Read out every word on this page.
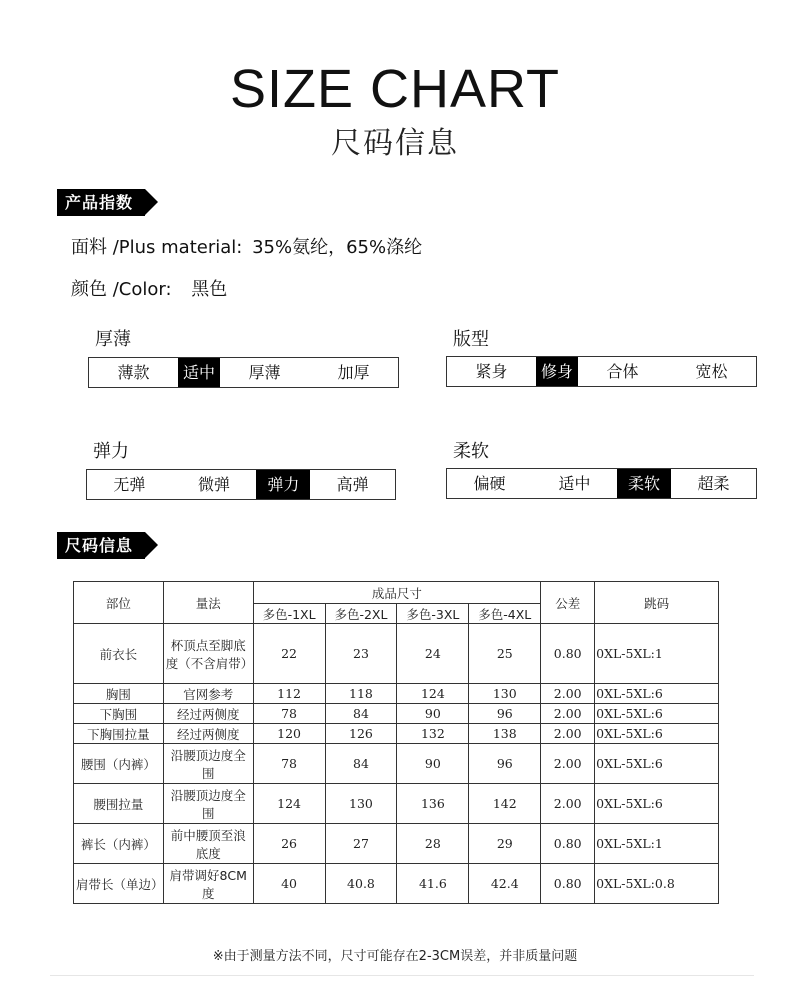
SIZE CHART
尺码信息
产品指数
面料 /Plus material: 35%氨纶，65%涤纶
颜色 /Color: 黑色
厚薄
薄款	适中	厚薄	加厚
版型
紧身	修身	合体	宽松
弹力
无弹	微弹	弹力	高弹
柔软
偏硬	适中	柔软	超柔
尺码信息
部位	量法	成品尺寸				公差	跳码
		多色-1XL	多色-2XL	多色-3XL	多色-4XL		
前衣长	杯顶点至脚底度（不含肩带）	22	23	24	25	0.80	0XL-5XL:1
胸围	官网参考	112	118	124	130	2.00	0XL-5XL:6
下胸围	经过两侧度	78	84	90	96	2.00	0XL-5XL:6
下胸围拉量	经过两侧度	120	126	132	138	2.00	0XL-5XL:6
腰围（内裤）	沿腰顶边度全围	78	84	90	96	2.00	0XL-5XL:6
腰围拉量	沿腰顶边度全围	124	130	136	142	2.00	0XL-5XL:6
裤长（内裤）	前中腰顶至浪底度	26	27	28	29	0.80	0XL-5XL:1
肩带长（单边）	肩带调好8CM度	40	40.8	41.6	42.4	0.80	0XL-5XL:0.8
※由于测量方法不同，尺寸可能存在2-3CM误差，并非质量问题
